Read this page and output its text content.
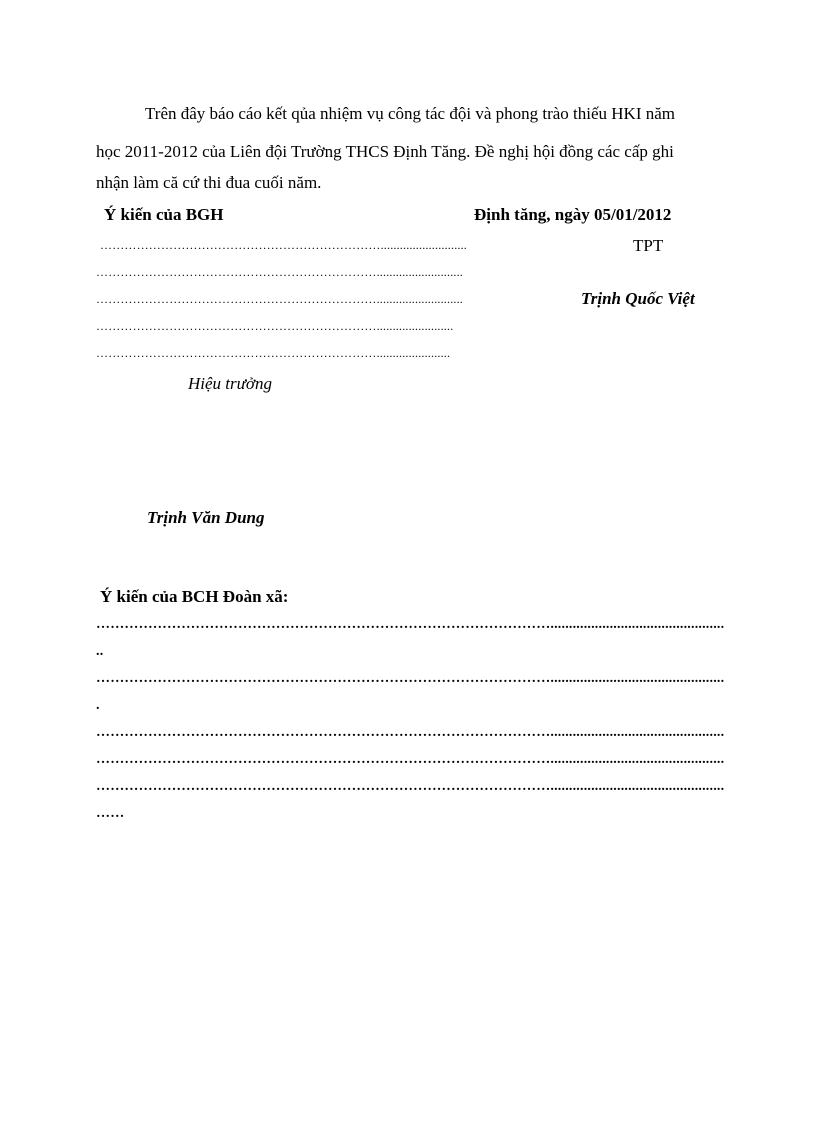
Trên đây báo cáo kết qủa nhiệm vụ công tác đội và phong trào thiếu HKI năm
học 2011-2012 của Liên đội Trường THCS Định Tăng. Đề nghị hội đồng các cấp ghi
nhận làm că cứ thi đua cuối năm.
Ý kiến của BGH
……………………………………………………………...........................
……………………………………………………………...........................
……………………………………………………………...........................
……………………………………………………………........................
…………………………………………………………….......................
Hiệu trưởng
Trịnh Văn Dung
Định tăng, ngày 05/01/2012
TPT
Trịnh Quốc Việt
Ý kiến của BCH Đoàn xã:
……………………………………………………………………………………...............................................
..
……………………………………………………………………………………...............................................
.
……………………………………………………………………………………...............................................
……………………………………………………………………………………...............................................
……………………………………………………………………………………...............................................
……
